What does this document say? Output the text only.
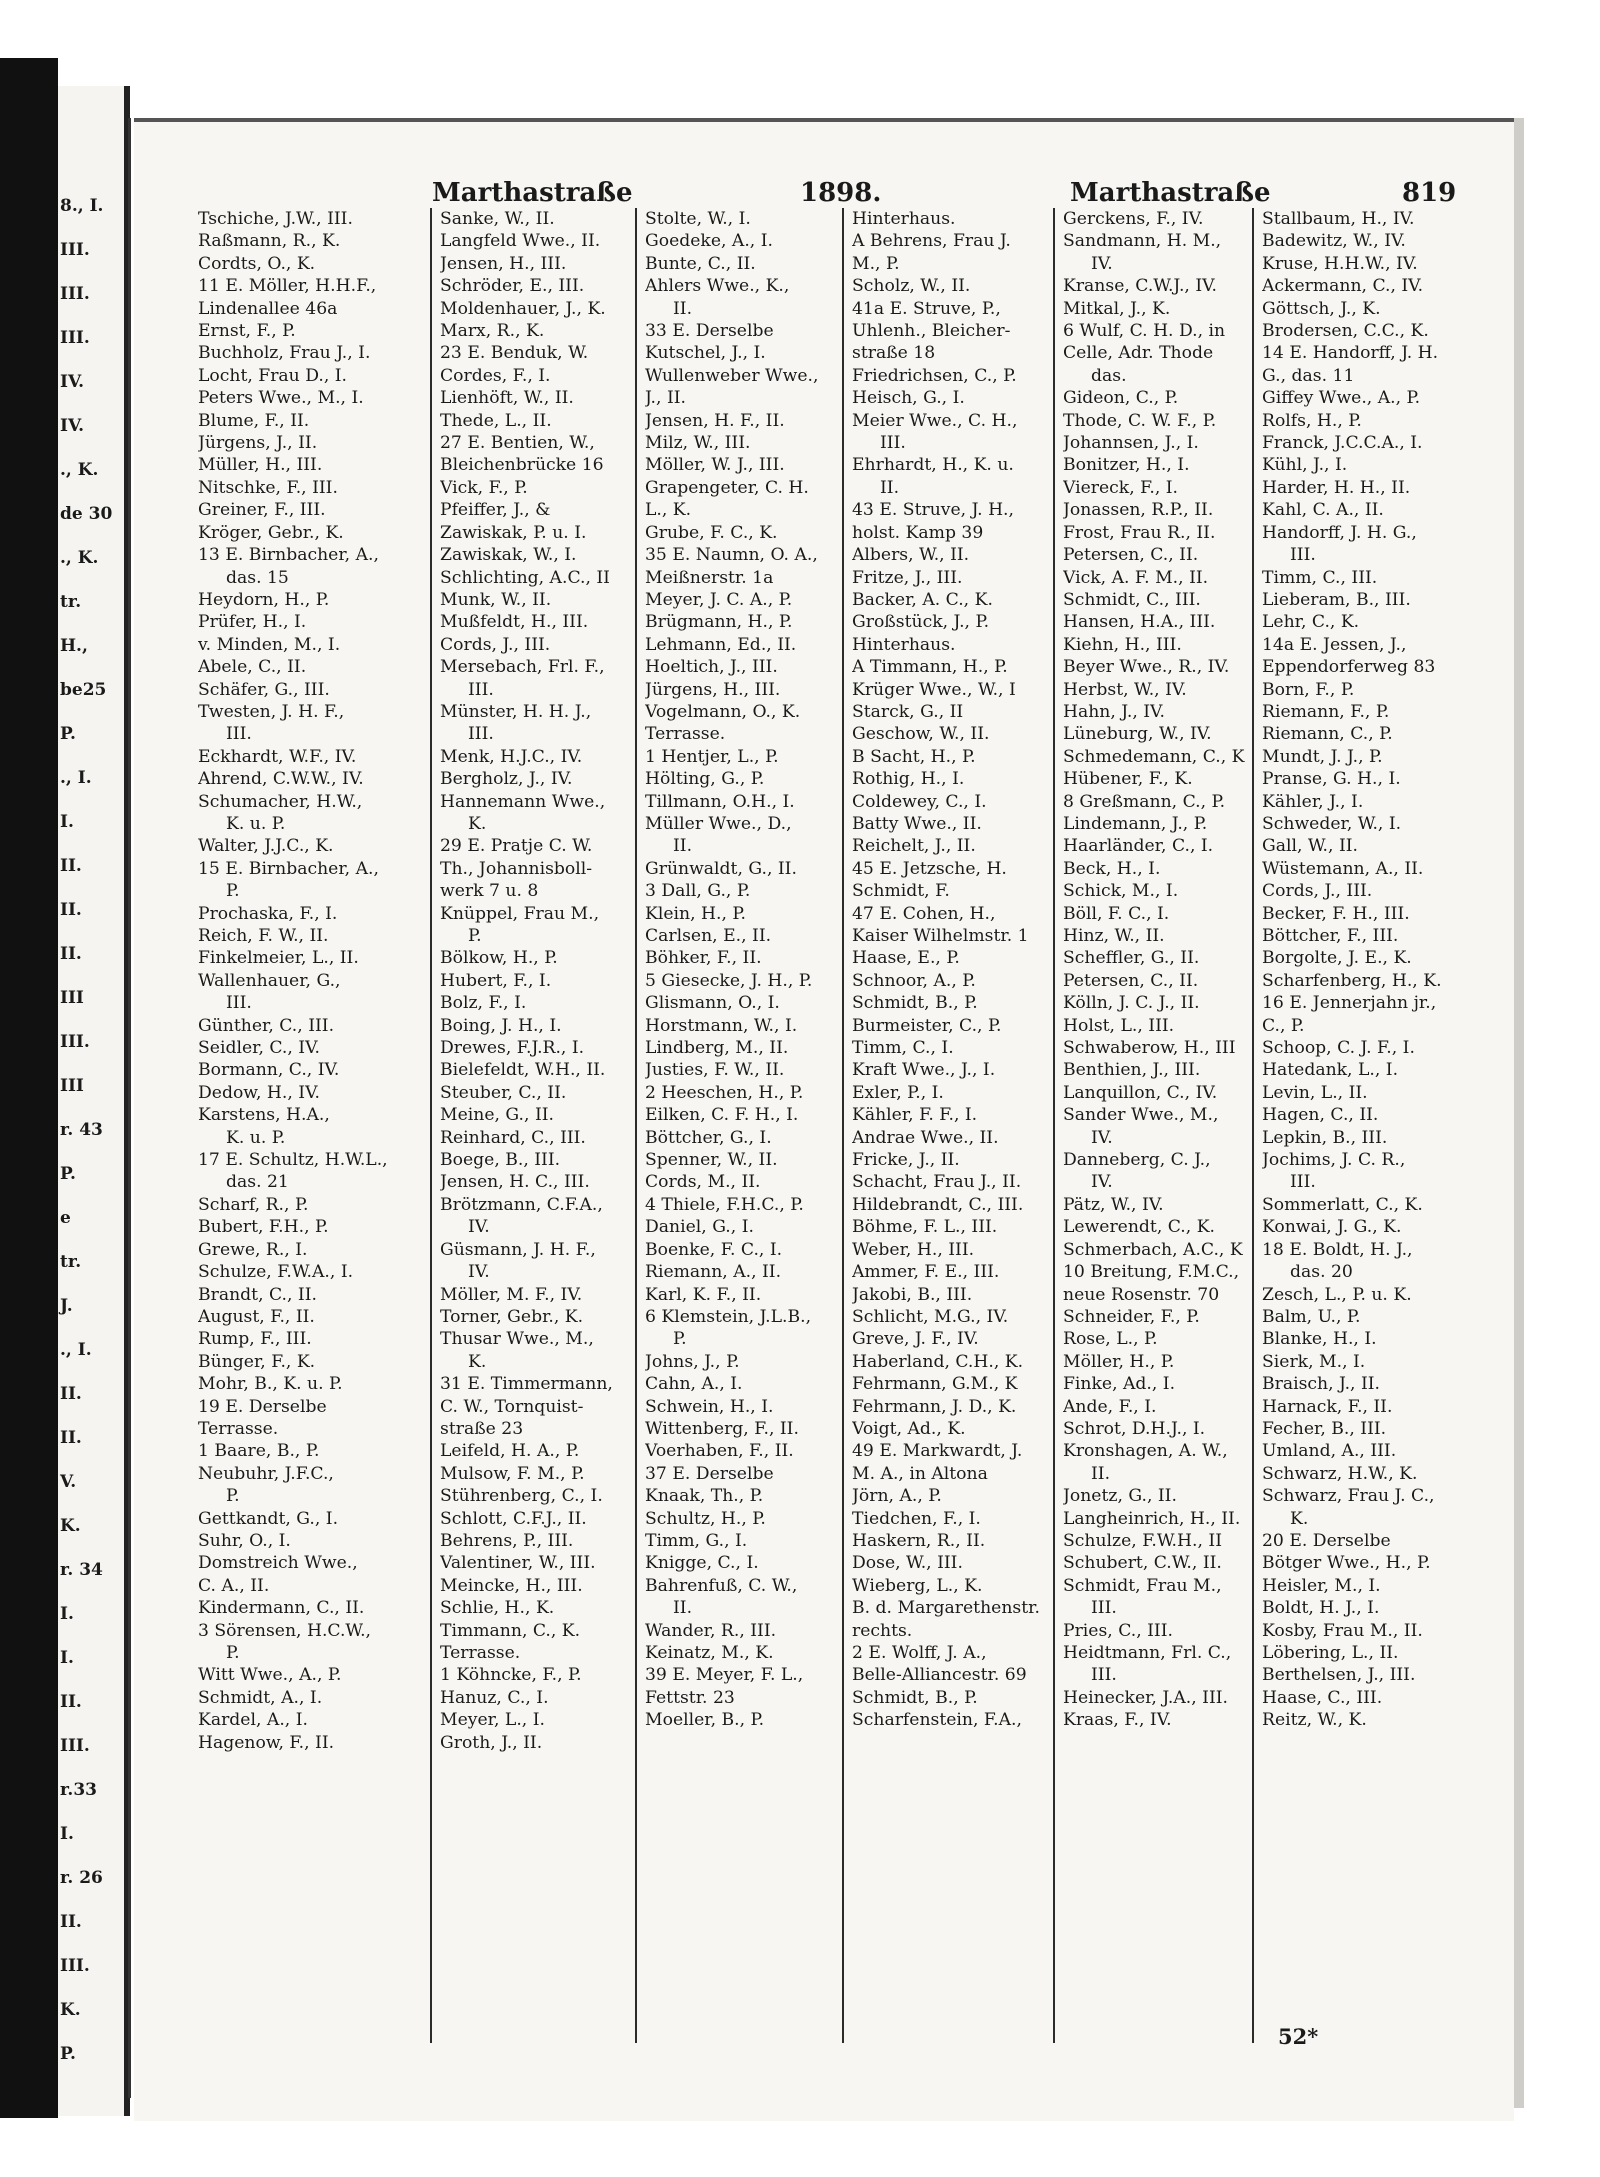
8., I.
III.
III.
III.
IV.
IV.
., K.
de 30
., K.
tr.
H.,
be25
P.
., I.
I.
II.
II.
II.
III
III.
III
r. 43
P.
e
tr.
J.
., I.
II.
II.
V.
K.
r. 34
I.
I.
II.
III.
r.33
I.
r. 26
II.
III.
K.
P.
Marthastraße	1898.	Marthastraße	819
Tschiche, J.W., III.
Raßmann, R., K.
Cordts, O., K.
11 E. Möller, H.H.F.,
Lindenallee 46a
Ernst, F., P.
Buchholz, Frau J., I.
Locht, Frau D., I.
Peters Wwe., M., I.
Blume, F., II.
Jürgens, J., II.
Müller, H., III.
Nitschke, F., III.
Greiner, F., III.
Kröger, Gebr., K.
13 E. Birnbacher, A.,
das. 15
Heydorn, H., P.
Prüfer, H., I.
v. Minden, M., I.
Abele, C., II.
Schäfer, G., III.
Twesten, J. H. F.,
III.
Eckhardt, W.F., IV.
Ahrend, C.W.W., IV.
Schumacher, H.W.,
K. u. P.
Walter, J.J.C., K.
15 E. Birnbacher, A.,
P.
Prochaska, F., I.
Reich, F. W., II.
Finkelmeier, L., II.
Wallenhauer, G.,
III.
Günther, C., III.
Seidler, C., IV.
Bormann, C., IV.
Dedow, H., IV.
Karstens, H.A.,
K. u. P.
17 E. Schultz, H.W.L.,
das. 21
Scharf, R., P.
Bubert, F.H., P.
Grewe, R., I.
Schulze, F.W.A., I.
Brandt, C., II.
August, F., II.
Rump, F., III.
Bünger, F., K.
Mohr, B., K. u. P.
19 E. Derselbe
Terrasse.
1 Baare, B., P.
Neubuhr, J.F.C.,
P.
Gettkandt, G., I.
Suhr, O., I.
Domstreich Wwe.,
C. A., II.
Kindermann, C., II.
3 Sörensen, H.C.W.,
P.
Witt Wwe., A., P.
Schmidt, A., I.
Kardel, A., I.
Hagenow, F., II.
Sanke, W., II.
Langfeld Wwe., II.
Jensen, H., III.
Schröder, E., III.
Moldenhauer, J., K.
Marx, R., K.
23 E. Benduk, W.
Cordes, F., I.
Lienhöft, W., II.
Thede, L., II.
27 E. Bentien, W.,
Bleichenbrücke 16
Vick, F., P.
Pfeiffer, J., &
Zawiskak, P. u. I.
Zawiskak, W., I.
Schlichting, A.C., II
Munk, W., II.
Mußfeldt, H., III.
Cords, J., III.
Mersebach, Frl. F.,
III.
Münster, H. H. J.,
III.
Menk, H.J.C., IV.
Bergholz, J., IV.
Hannemann Wwe.,
K.
29 E. Pratje C. W.
Th., Johannisboll-
werk 7 u. 8
Knüppel, Frau M.,
P.
Bölkow, H., P.
Hubert, F., I.
Bolz, F., I.
Boing, J. H., I.
Drewes, F.J.R., I.
Bielefeldt, W.H., II.
Steuber, C., II.
Meine, G., II.
Reinhard, C., III.
Boege, B., III.
Jensen, H. C., III.
Brötzmann, C.F.A.,
IV.
Güsmann, J. H. F.,
IV.
Möller, M. F., IV.
Torner, Gebr., K.
Thusar Wwe., M.,
K.
31 E. Timmermann,
C. W., Tornquist-
straße 23
Leifeld, H. A., P.
Mulsow, F. M., P.
Stührenberg, C., I.
Schlott, C.F.J., II.
Behrens, P., III.
Valentiner, W., III.
Meincke, H., III.
Schlie, H., K.
Timmann, C., K.
Terrasse.
1 Köhncke, F., P.
Hanuz, C., I.
Meyer, L., I.
Groth, J., II.
Stolte, W., I.
Goedeke, A., I.
Bunte, C., II.
Ahlers Wwe., K.,
II.
33 E. Derselbe
Kutschel, J., I.
Wullenweber Wwe.,
J., II.
Jensen, H. F., II.
Milz, W., III.
Möller, W. J., III.
Grapengeter, C. H.
L., K.
Grube, F. C., K.
35 E. Naumn, O. A.,
Meißnerstr. 1a
Meyer, J. C. A., P.
Brügmann, H., P.
Lehmann, Ed., II.
Hoeltich, J., III.
Jürgens, H., III.
Vogelmann, O., K.
Terrasse.
1 Hentjer, L., P.
Hölting, G., P.
Tillmann, O.H., I.
Müller Wwe., D.,
II.
Grünwaldt, G., II.
3 Dall, G., P.
Klein, H., P.
Carlsen, E., II.
Böhker, F., II.
5 Giesecke, J. H., P.
Glismann, O., I.
Horstmann, W., I.
Lindberg, M., II.
Justies, F. W., II.
2 Heeschen, H., P.
Eilken, C. F. H., I.
Böttcher, G., I.
Spenner, W., II.
Cords, M., II.
4 Thiele, F.H.C., P.
Daniel, G., I.
Boenke, F. C., I.
Riemann, A., II.
Karl, K. F., II.
6 Klemstein, J.L.B.,
P.
Johns, J., P.
Cahn, A., I.
Schwein, H., I.
Wittenberg, F., II.
Voerhaben, F., II.
37 E. Derselbe
Knaak, Th., P.
Schultz, H., P.
Timm, G., I.
Knigge, C., I.
Bahrenfuß, C. W.,
II.
Wander, R., III.
Keinatz, M., K.
39 E. Meyer, F. L.,
Fettstr. 23
Moeller, B., P.
Hinterhaus.
A Behrens, Frau J.
M., P.
Scholz, W., II.
41a E. Struve, P.,
Uhlenh., Bleicher-
straße 18
Friedrichsen, C., P.
Heisch, G., I.
Meier Wwe., C. H.,
III.
Ehrhardt, H., K. u.
II.
43 E. Struve, J. H.,
holst. Kamp 39
Albers, W., II.
Fritze, J., III.
Backer, A. C., K.
Großstück, J., P.
Hinterhaus.
A Timmann, H., P.
Krüger Wwe., W., I
Starck, G., II
Geschow, W., II.
B Sacht, H., P.
Rothig, H., I.
Coldewey, C., I.
Batty Wwe., II.
Reichelt, J., II.
45 E. Jetzsche, H.
Schmidt, F.
47 E. Cohen, H.,
Kaiser Wilhelmstr. 1
Haase, E., P.
Schnoor, A., P.
Schmidt, B., P.
Burmeister, C., P.
Timm, C., I.
Kraft Wwe., J., I.
Exler, P., I.
Kähler, F. F., I.
Andrae Wwe., II.
Fricke, J., II.
Schacht, Frau J., II.
Hildebrandt, C., III.
Böhme, F. L., III.
Weber, H., III.
Ammer, F. E., III.
Jakobi, B., III.
Schlicht, M.G., IV.
Greve, J. F., IV.
Haberland, C.H., K.
Fehrmann, G.M., K
Fehrmann, J. D., K.
Voigt, Ad., K.
49 E. Markwardt, J.
M. A., in Altona
Jörn, A., P.
Tiedchen, F., I.
Haskern, R., II.
Dose, W., III.
Wieberg, L., K.
B. d. Margarethenstr.
rechts.
2 E. Wolff, J. A.,
Belle-Alliancestr. 69
Schmidt, B., P.
Scharfenstein, F.A.,
Gerckens, F., IV.
Sandmann, H. M.,
IV.
Kranse, C.W.J., IV.
Mitkal, J., K.
6 Wulf, C. H. D., in
Celle, Adr. Thode
das.
Gideon, C., P.
Thode, C. W. F., P.
Johannsen, J., I.
Bonitzer, H., I.
Viereck, F., I.
Jonassen, R.P., II.
Frost, Frau R., II.
Petersen, C., II.
Vick, A. F. M., II.
Schmidt, C., III.
Hansen, H.A., III.
Kiehn, H., III.
Beyer Wwe., R., IV.
Herbst, W., IV.
Hahn, J., IV.
Lüneburg, W., IV.
Schmedemann, C., K
Hübener, F., K.
8 Greßmann, C., P.
Lindemann, J., P.
Haarländer, C., I.
Beck, H., I.
Schick, M., I.
Böll, F. C., I.
Hinz, W., II.
Scheffler, G., II.
Petersen, C., II.
Kölln, J. C. J., II.
Holst, L., III.
Schwaberow, H., III
Benthien, J., III.
Lanquillon, C., IV.
Sander Wwe., M.,
IV.
Danneberg, C. J.,
IV.
Pätz, W., IV.
Lewerendt, C., K.
Schmerbach, A.C., K
10 Breitung, F.M.C.,
neue Rosenstr. 70
Schneider, F., P.
Rose, L., P.
Möller, H., P.
Finke, Ad., I.
Ande, F., I.
Schrot, D.H.J., I.
Kronshagen, A. W.,
II.
Jonetz, G., II.
Langheinrich, H., II.
Schulze, F.W.H., II
Schubert, C.W., II.
Schmidt, Frau M.,
III.
Pries, C., III.
Heidtmann, Frl. C.,
III.
Heinecker, J.A., III.
Kraas, F., IV.
Stallbaum, H., IV.
Badewitz, W., IV.
Kruse, H.H.W., IV.
Ackermann, C., IV.
Göttsch, J., K.
Brodersen, C.C., K.
14 E. Handorff, J. H.
G., das. 11
Giffey Wwe., A., P.
Rolfs, H., P.
Franck, J.C.C.A., I.
Kühl, J., I.
Harder, H. H., II.
Kahl, C. A., II.
Handorff, J. H. G.,
III.
Timm, C., III.
Lieberam, B., III.
Lehr, C., K.
14a E. Jessen, J.,
Eppendorferweg 83
Born, F., P.
Riemann, F., P.
Riemann, C., P.
Mundt, J. J., P.
Pranse, G. H., I.
Kähler, J., I.
Schweder, W., I.
Gall, W., II.
Wüstemann, A., II.
Cords, J., III.
Becker, F. H., III.
Böttcher, F., III.
Borgolte, J. E., K.
Scharfenberg, H., K.
16 E. Jennerjahn jr.,
C., P.
Schoop, C. J. F., I.
Hatedank, L., I.
Levin, L., II.
Hagen, C., II.
Lepkin, B., III.
Jochims, J. C. R.,
III.
Sommerlatt, C., K.
Konwai, J. G., K.
18 E. Boldt, H. J.,
das. 20
Zesch, L., P. u. K.
Balm, U., P.
Blanke, H., I.
Sierk, M., I.
Braisch, J., II.
Harnack, F., II.
Fecher, B., III.
Umland, A., III.
Schwarz, H.W., K.
Schwarz, Frau J. C.,
K.
20 E. Derselbe
Bötger Wwe., H., P.
Heisler, M., I.
Boldt, H. J., I.
Kosby, Frau M., II.
Löbering, L., II.
Berthelsen, J., III.
Haase, C., III.
Reitz, W., K.
52*
